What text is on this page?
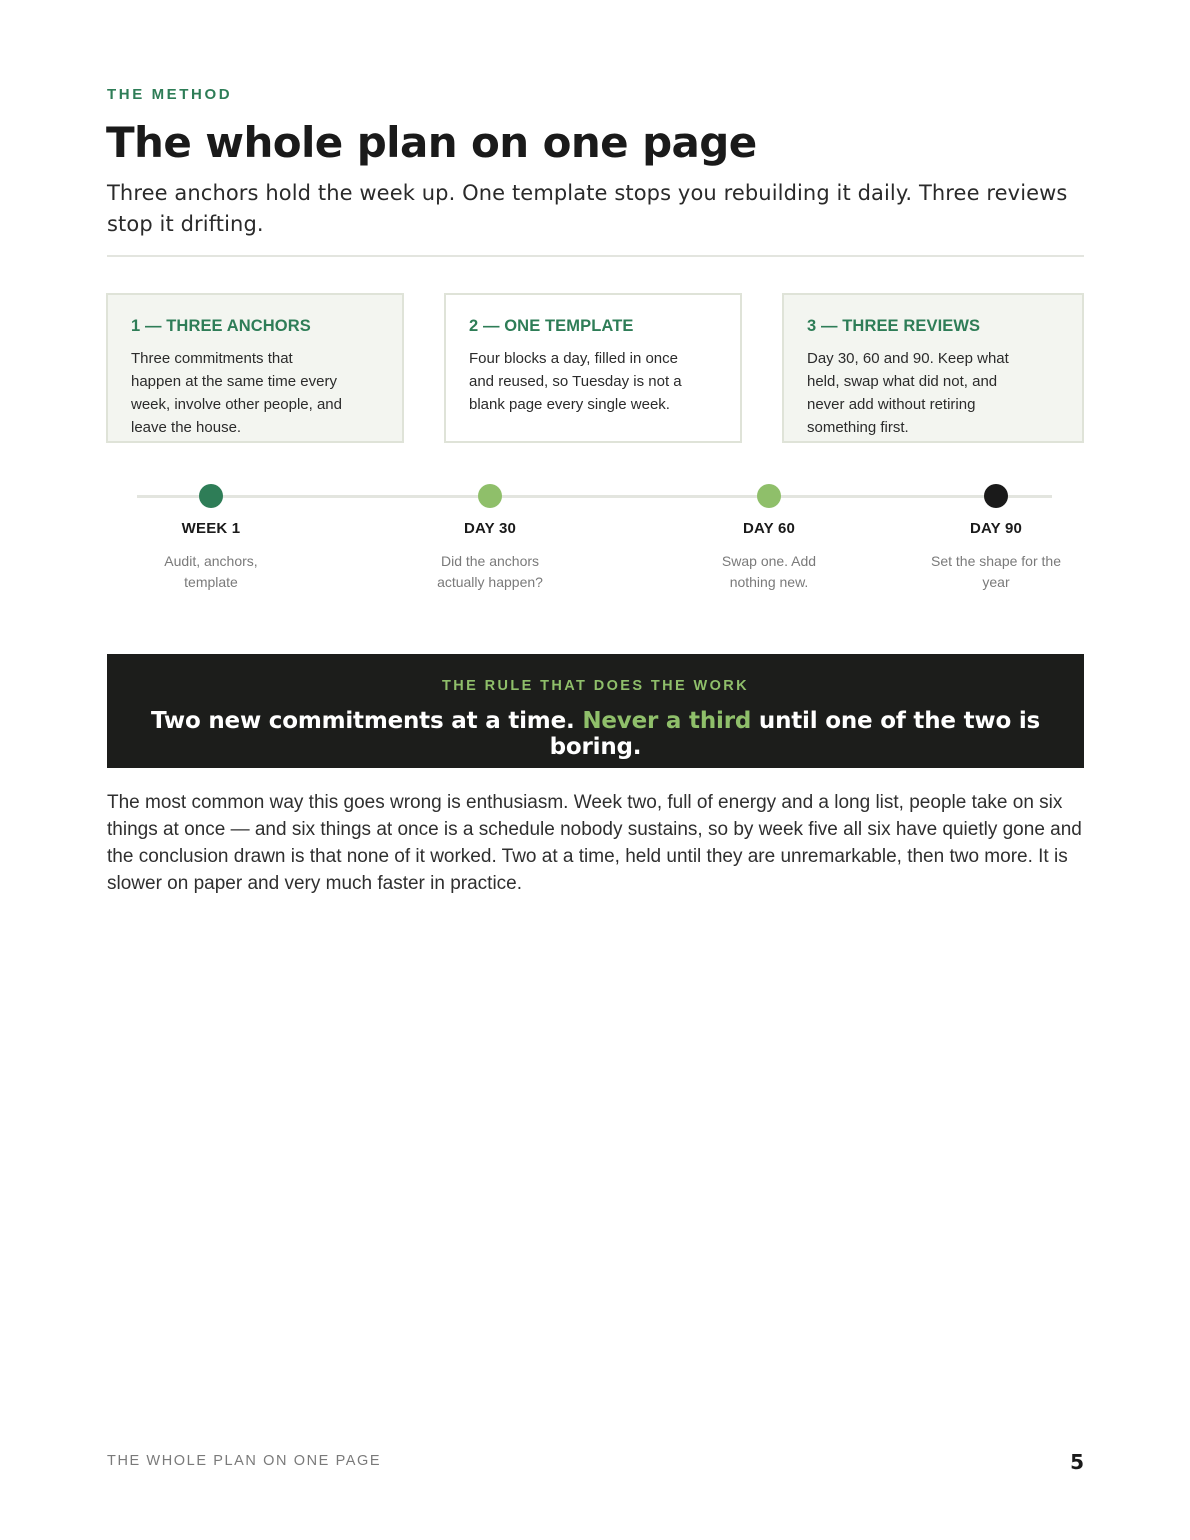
THE METHOD
The whole plan on one page

Three anchors hold the week up. One template stops you rebuilding it daily. Three reviews stop it drifting.

1 — THREE ANCHORS

Three commitments that happen at the same time every week, involve other people, and leave the house.

2 — ONE TEMPLATE

Four blocks a day, filled in once and reused, so Tuesday is not a blank page every single week.

3 — THREE REVIEWS

Day 30, 60 and 90. Keep what held, swap what did not, and never add without retiring something first.

WEEK 1
Audit, anchors, template
DAY 30
Did the anchors actually happen?
DAY 60
Swap one. Add nothing new.
DAY 90
Set the shape for the year
THE RULE THAT DOES THE WORK
Two new commitments at a time. Never a third until one of the two is boring.

The most common way this goes wrong is enthusiasm. Week two, full of energy and a long list, people take on six things at once — and six things at once is a schedule nobody sustains, so by week five all six have quietly gone and the conclusion drawn is that none of it worked. Two at a time, held until they are unremarkable, then two more. It is slower on paper and very much faster in practice.

THE WHOLE PLAN ON ONE PAGE	5
